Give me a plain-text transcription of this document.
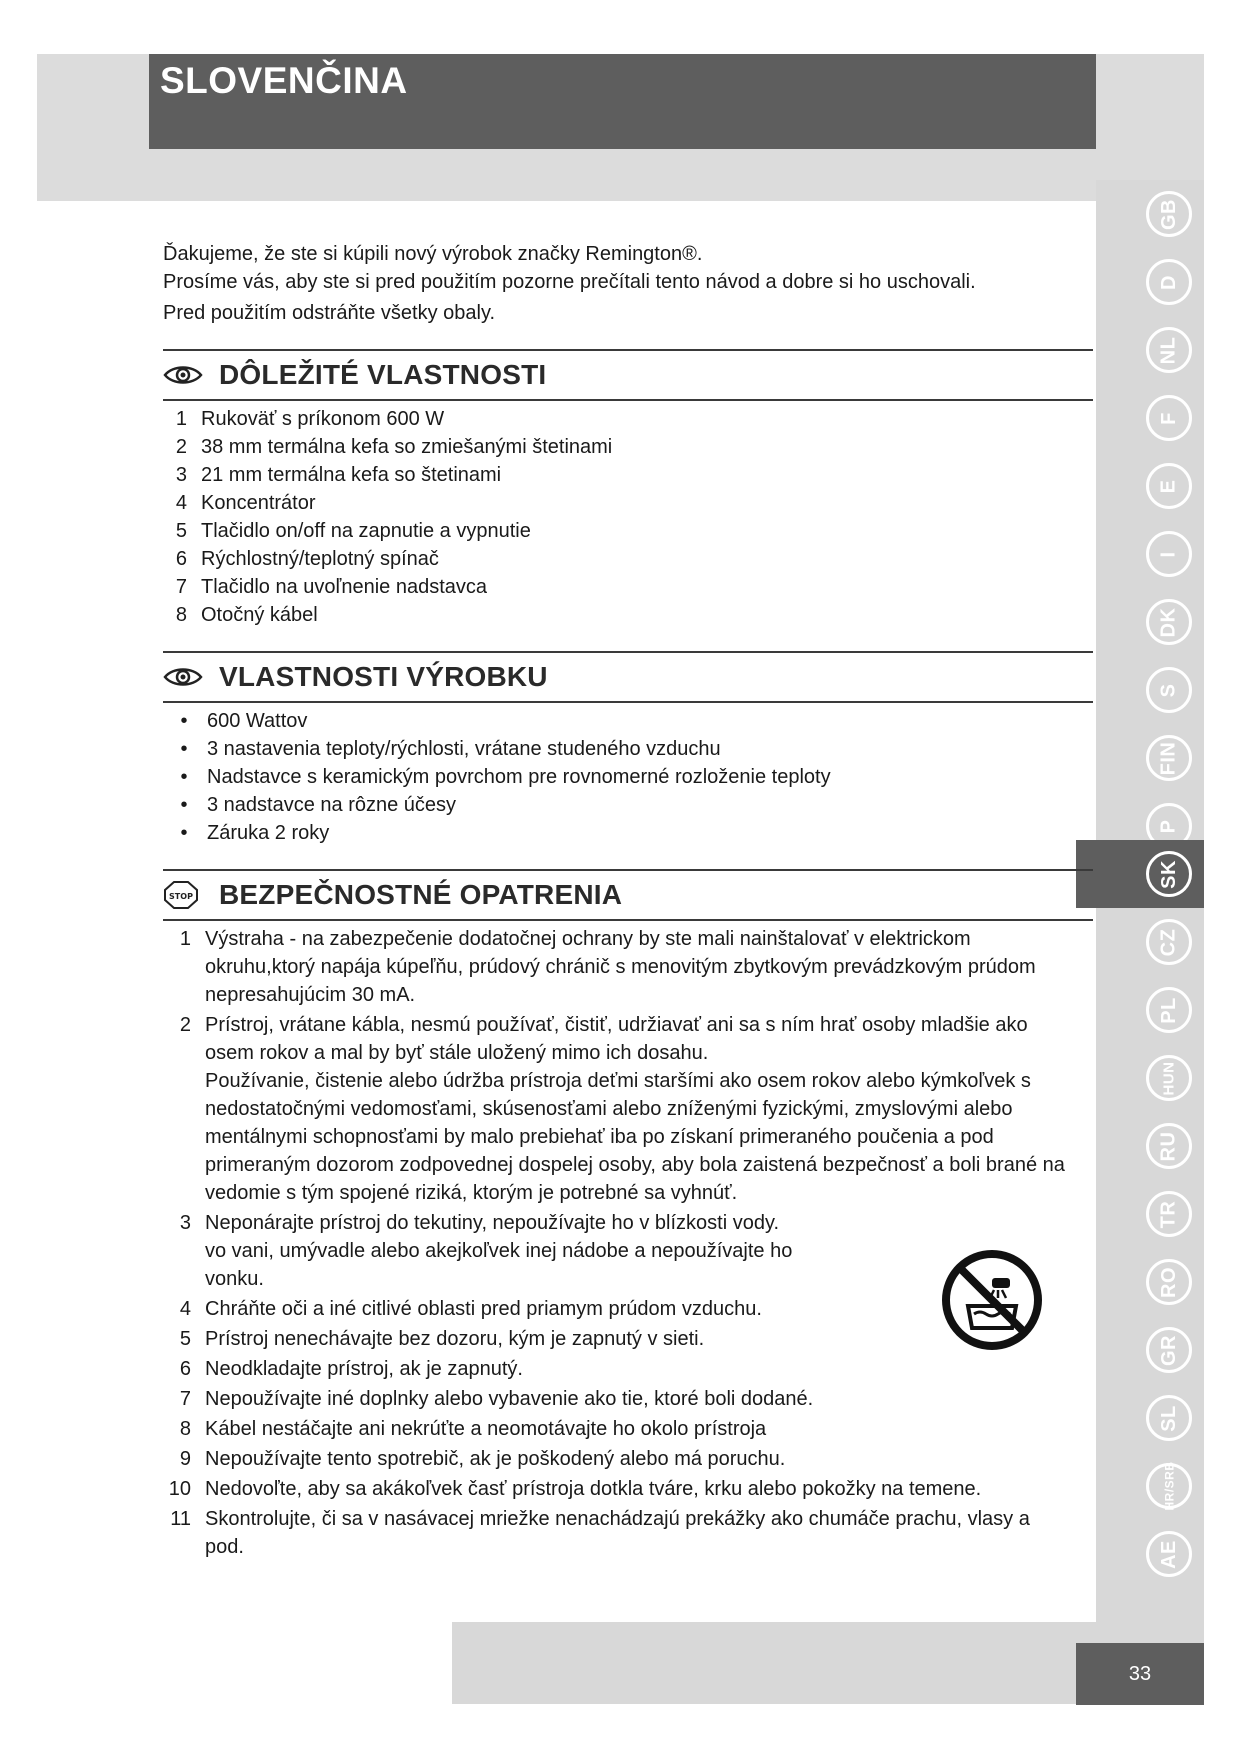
SLOVENČINA
GB
D
NL
F
E
I
DK
S
FIN
P
SK
CZ
PL
HUN
RU
TR
RO
GR
SL
HR/SRB
AE

Ďakujeme, že ste si kúpili nový výrobok značky Remington®.

Prosíme vás, aby ste si pred použitím pozorne prečítali tento návod a dobre si ho uschovali.

Pred použitím odstráňte všetky obaly.

DÔLEŽITÉ VLASTNOSTI
1 Rukoväť s príkonom 600 W
2 38 mm termálna kefa so zmiešanými štetinami
3 21 mm termálna kefa so štetinami
4 Koncentrátor
5 Tlačidlo on/off na zapnutie a vypnutie
6 Rýchlostný/teplotný spínač
7 Tlačidlo na uvoľnenie nadstavca
8 Otočný kábel
VLASTNOSTI VÝROBKU
• 600 Wattov
• 3 nastavenia teploty/rýchlosti, vrátane studeného vzduchu
• Nadstavce s keramickým povrchom pre rovnomerné rozloženie teploty
• 3 nadstavce na rôzne účesy
• Záruka 2 roky
STOP BEZPEČNOSTNÉ OPATRENIA
1 Výstraha - na zabezpečenie dodatočnej ochrany by ste mali nainštalovať v elektrickom okruhu,ktorý napája kúpeľňu, prúdový chránič s menovitým zbytkovým prevádzkovým prúdom nepresahujúcim 30 mA.
2 Prístroj, vrátane kábla, nesmú používať, čistiť, udržiavať ani sa s ním hrať osoby mladšie ako osem rokov a mal by byť stále uložený mimo ich dosahu.

Používanie, čistenie alebo údržba prístroja deťmi staršími ako osem rokov alebo kýmkoľvek s nedostatočnými vedomosťami, skúsenosťami alebo zníženými fyzickými, zmyslovými alebo mentálnymi schopnosťami by malo prebiehať iba po získaní primeraného poučenia a pod primeraným dozorom zodpovednej dospelej osoby, aby bola zaistená bezpečnosť a boli brané na vedomie s tým spojené riziká, ktorým je potrebné sa vyhnúť.

3 Neponárajte prístroj do tekutiny, nepoužívajte ho v blízkosti vody.

vo vani, umývadle alebo akejkoľvek inej nádobe a nepoužívajte ho vonku.

4 Chráňte oči a iné citlivé oblasti pred priamym prúdom vzduchu.
5 Prístroj nenechávajte bez dozoru, kým je zapnutý v sieti.
6 Neodkladajte prístroj, ak je zapnutý.
7 Nepoužívajte iné doplnky alebo vybavenie ako tie, ktoré boli dodané.
8 Kábel nestáčajte ani nekrúťte a neomotávajte ho okolo prístroja
9 Nepoužívajte tento spotrebič, ak je poškodený alebo má poruchu.
10 Nedovoľte, aby sa akákoľvek časť prístroja dotkla tváre, krku alebo pokožky na temene.
11 Skontrolujte, či sa v nasávacej mriežke nenachádzajú prekážky ako chumáče prachu, vlasy a pod.
33
